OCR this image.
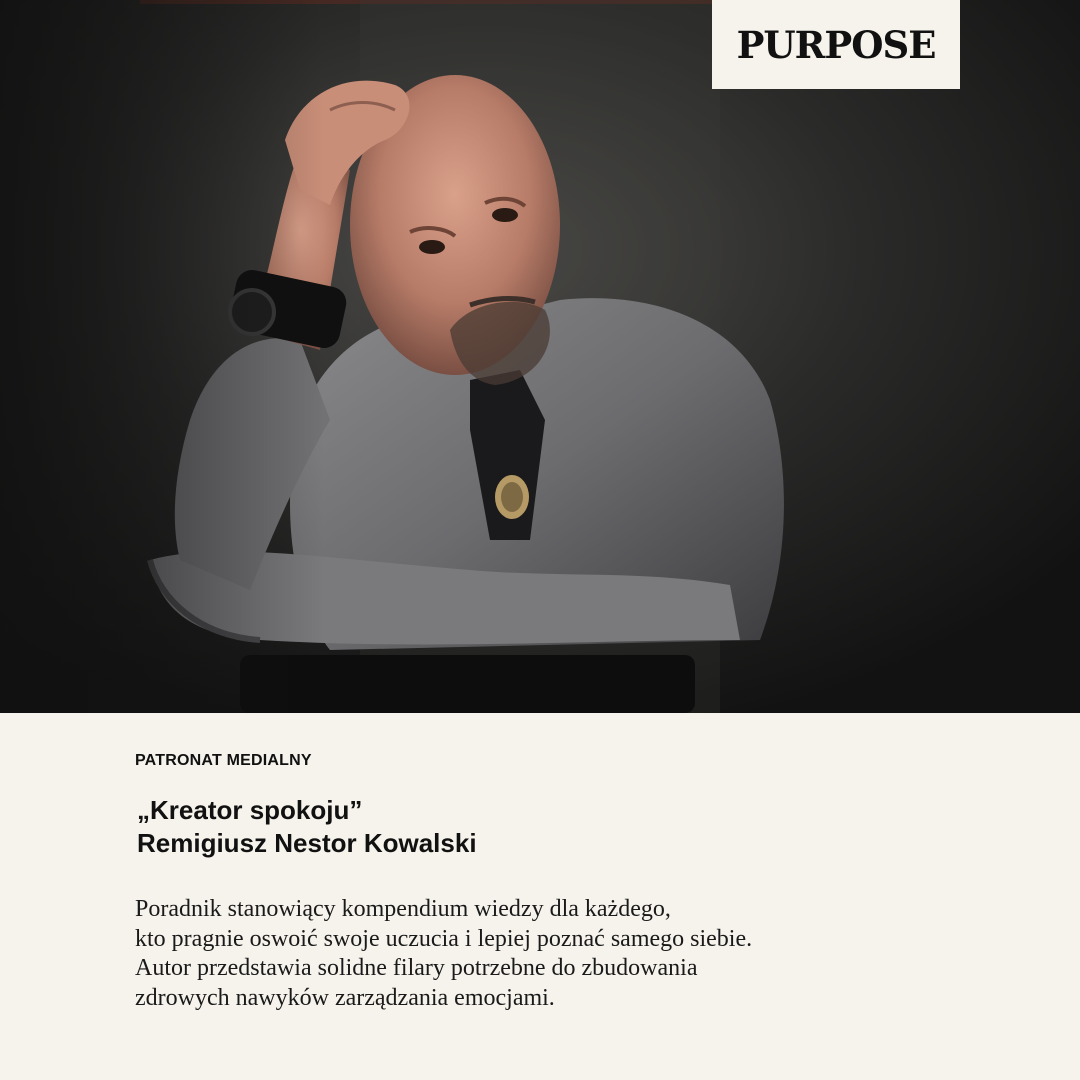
PURPOSE
PATRONAT MEDIALNY
„Kreator spokoju”
Remigiusz Nestor Kowalski
Poradnik stanowiący kompendium wiedzy dla każdego,
kto pragnie oswoić swoje uczucia i lepiej poznać samego siebie.
Autor przedstawia solidne filary potrzebne do zbudowania
zdrowych nawyków zarządzania emocjami.
